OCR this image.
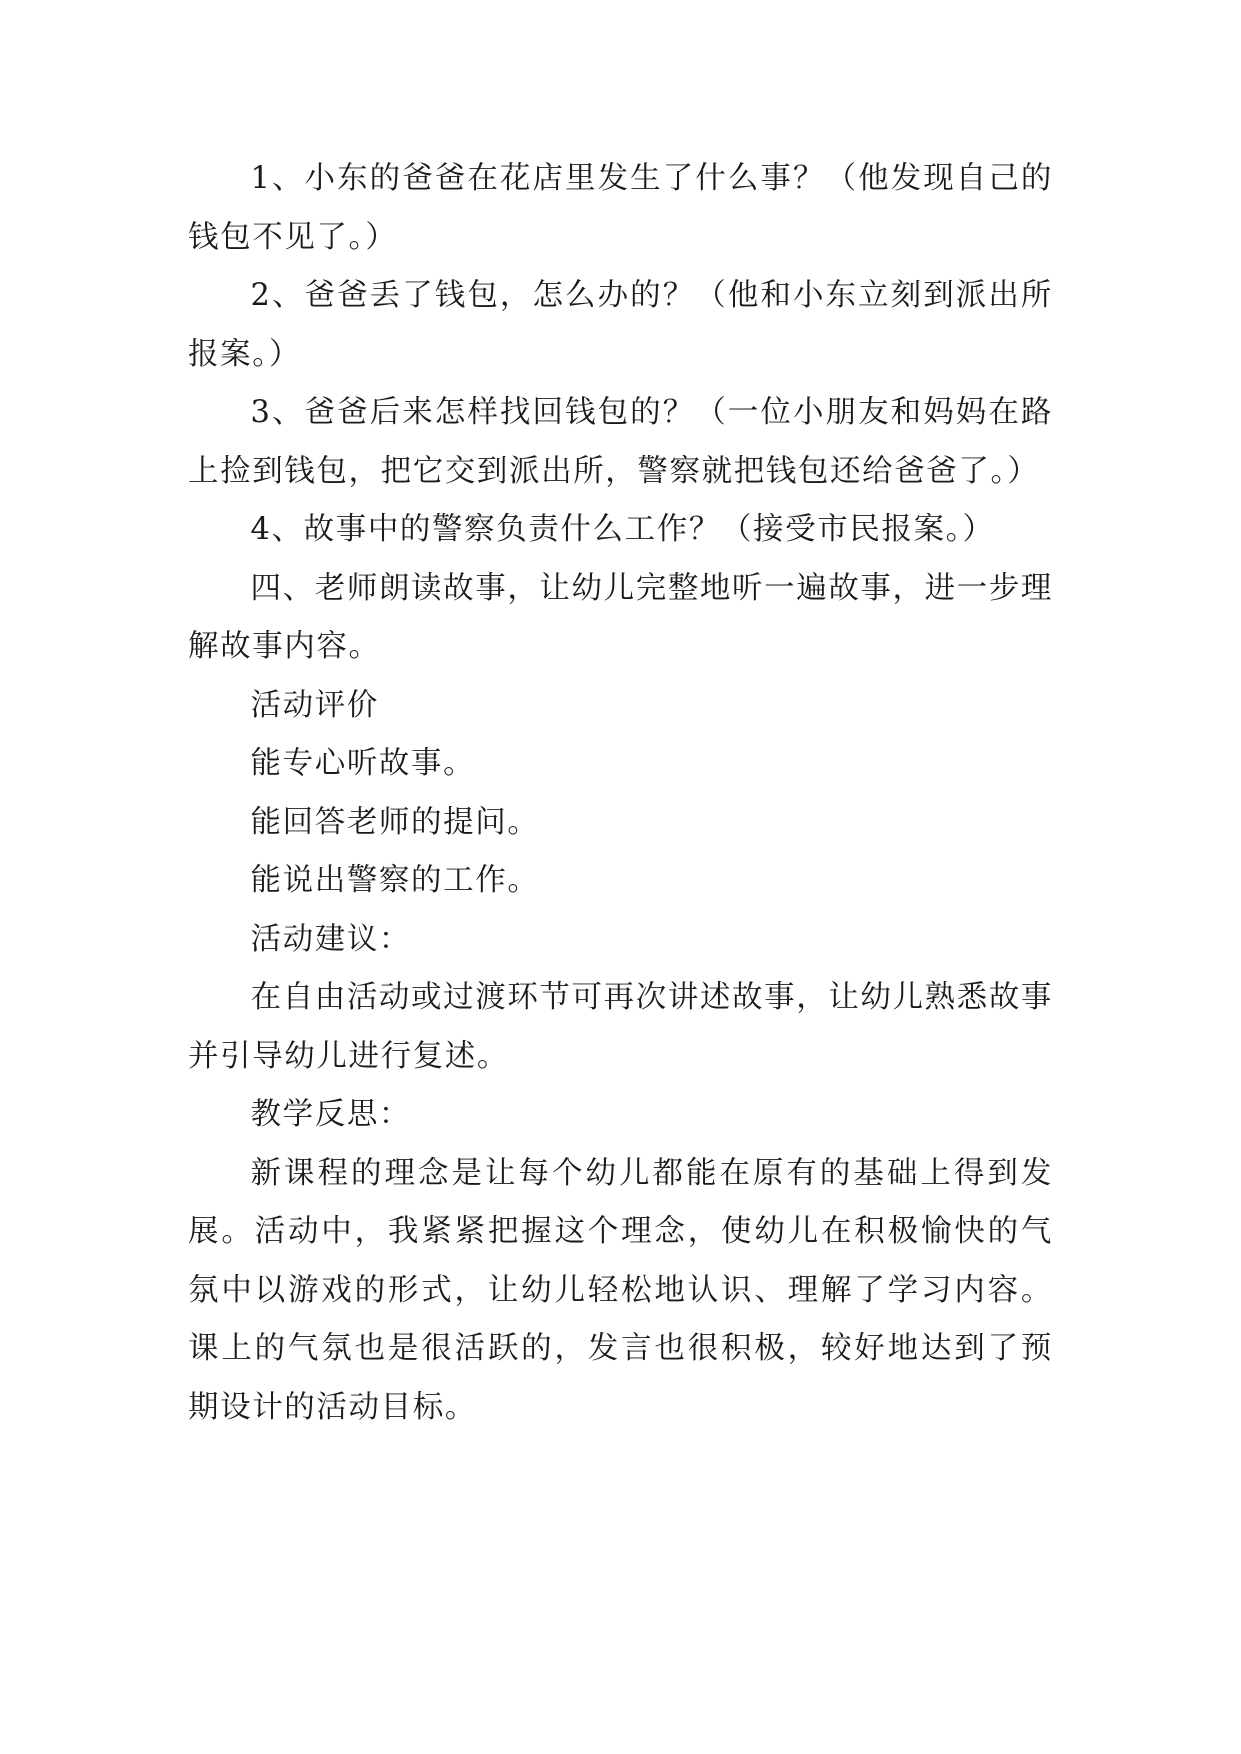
1、小东的爸爸在花店里发生了什么事？（他发现自己的钱包不见了。）

2、爸爸丢了钱包，怎么办的？（他和小东立刻到派出所报案。）

3、爸爸后来怎样找回钱包的？（一位小朋友和妈妈在路上捡到钱包，把它交到派出所，警察就把钱包还给爸爸了。）

4、故事中的警察负责什么工作？（接受市民报案。）

四、老师朗读故事，让幼儿完整地听一遍故事，进一步理解故事内容。

活动评价

能专心听故事。

能回答老师的提问。

能说出警察的工作。

活动建议：

在自由活动或过渡环节可再次讲述故事，让幼儿熟悉故事并引导幼儿进行复述。

教学反思：

新课程的理念是让每个幼儿都能在原有的基础上得到发展。活动中，我紧紧把握这个理念，使幼儿在积极愉快的气氛中以游戏的形式，让幼儿轻松地认识、理解了学习内容。课上的气氛也是很活跃的，发言也很积极，较好地达到了预期设计的活动目标。
